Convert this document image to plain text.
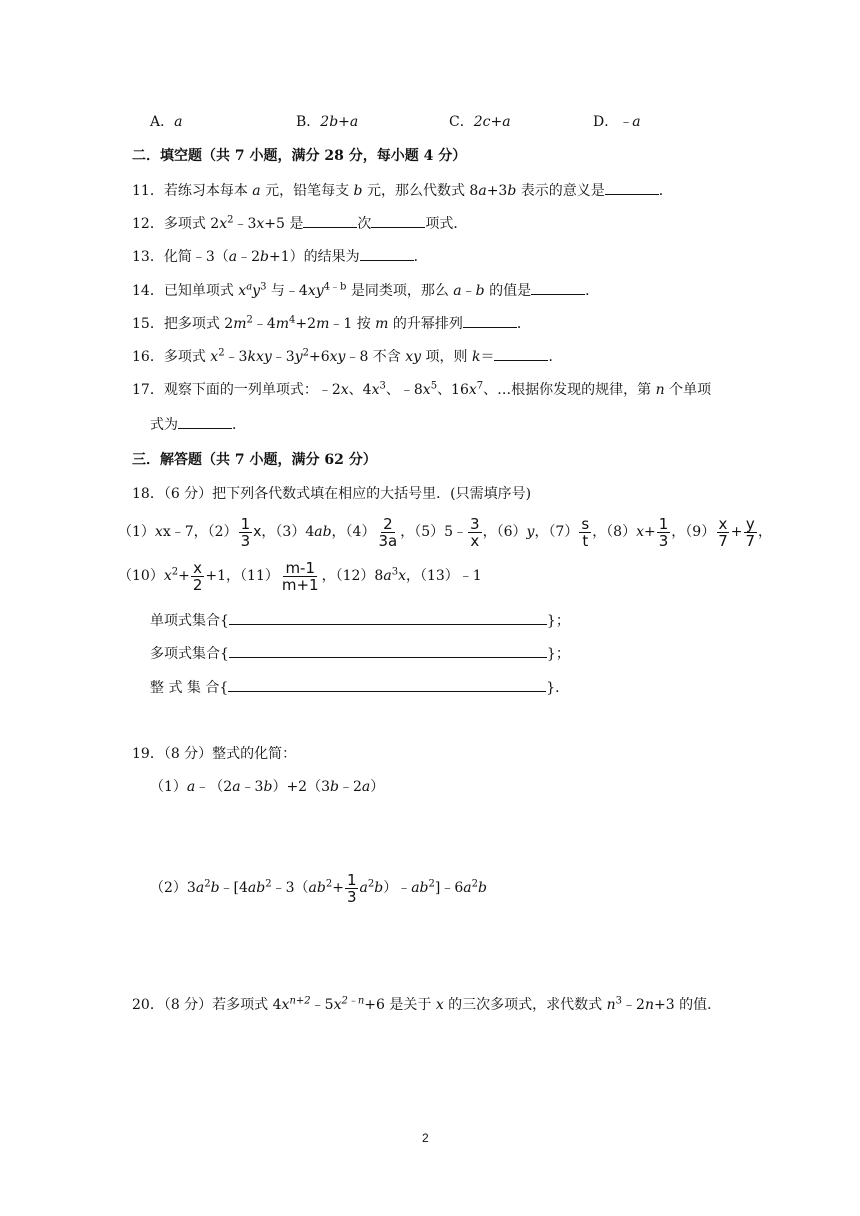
A．a	B．2b+a	C．2c+a	D．﹣a
二．填空题（共 7 小题，满分 28 分，每小题 4 分）
11．若练习本每本 a 元，铅笔每支 b 元，那么代数式 8a+3b 表示的意义是	．
12．多项式 $2x^2﹣3x+5$ 是	次	项式．
13．化简﹣3（a﹣2b+1）的结果为	．
14．已知单项式 $x^ay^3$ 与$﹣4xy^{4﹣b}$ 是同类项，那么 a﹣b 的值是	．
15．把多项式 $2m^2﹣4m^4+2m﹣1$ 按 m 的升幂排列	．
16．多项式 $x^2﹣3kxy﹣3y^2+6xy﹣8$ 不含 xy 项，则 k＝	．
17．观察下面的一列单项式：﹣2x、$4x^3$、$﹣8x^5$、$16x^7$、…根据你发现的规律，第 n 个单项
式为	．
三．解答题（共 7 小题，满分 62 分）
18．（6 分）把下列各代数式填在相应的大括号里．(只需填序号)
（1）xx﹣7，$(2) \frac{1}{3}$ x，（3）4ab，$(4) \frac{2}{3a}$ ，（5）5﹣ $\frac{3}{x}$ ，（6）y，$(7) \frac{s}{t}$ ，$(8)x+ \frac{1}{3}$ ，$(9) \frac{x}{7} + \frac{y}{7}$ ，
$(10)x^2+ \frac{x}{2} +1$，$(11) \frac{m-1}{m+1}$ ，$(12)8a^3x$，（13）﹣1
单项式集合{	}；
多项式集合{	}；
整 式 集 合{	}．
19．（8 分）整式的化简：
（1）a﹣（2a﹣3b）+2（3b﹣2a）
$(2)3a^2b﹣[4ab^2﹣3(ab^2+ \frac{1}{3}$ $a^2b)﹣ab^2]﹣6a^2b$
20．（8 分）若多项式 $4x^{n+2}﹣5x^{2﹣n}+6$ 是关于 x 的三次多项式，求代数式 $n^3﹣2n+3$ 的值．
2
